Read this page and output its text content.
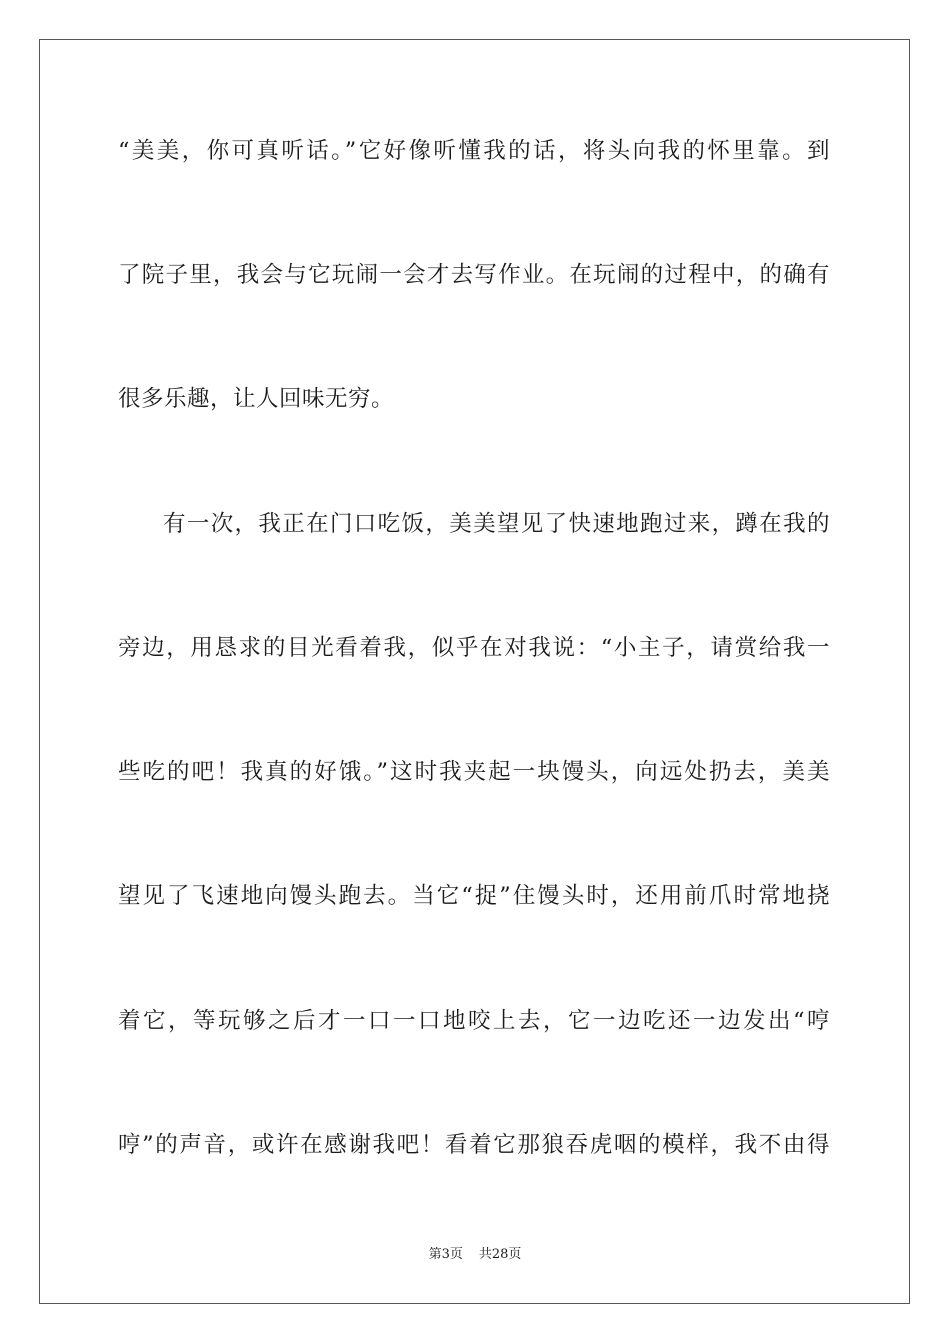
“美美，你可真听话。”它好像听懂我的话，将头向我的怀里靠。到
了院子里，我会与它玩闹一会才去写作业。在玩闹的过程中，的确有
很多乐趣，让人回味无穷。
有一次，我正在门口吃饭，美美望见了快速地跑过来，蹲在我的
旁边，用恳求的目光看着我，似乎在对我说：“小主子，请赏给我一
些吃的吧！我真的好饿。”这时我夹起一块馒头，向远处扔去，美美
望见了飞速地向馒头跑去。当它“捉”住馒头时，还用前爪时常地挠
着它，等玩够之后才一口一口地咬上去，它一边吃还一边发出“哼
哼”的声音，或许在感谢我吧！看着它那狼吞虎咽的模样，我不由得
第3页 共28页
